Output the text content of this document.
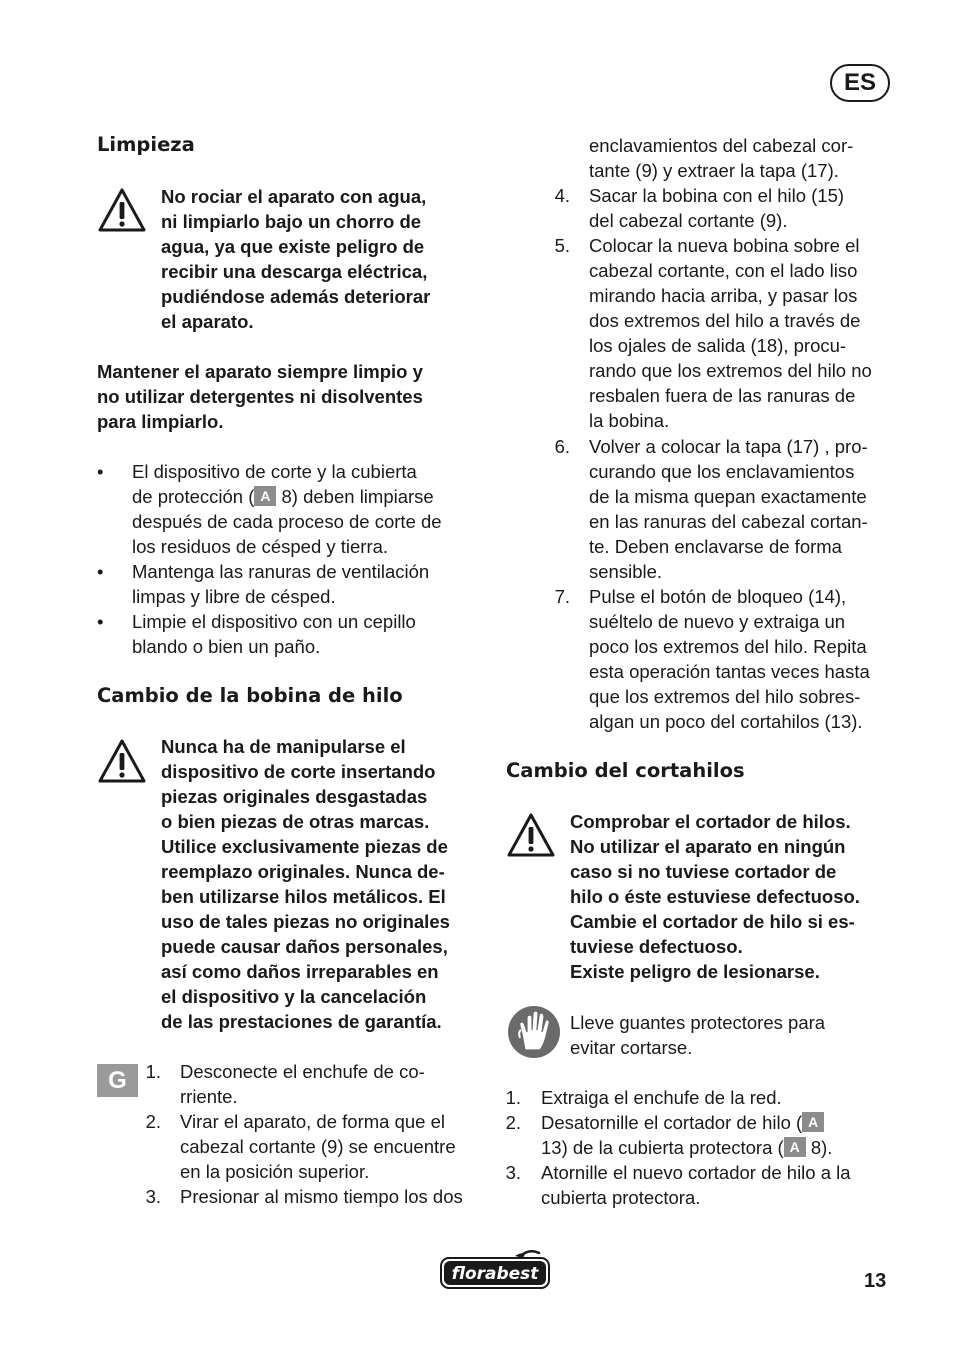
ES
Limpieza
No rociar el aparato con agua,
ni limpiarlo bajo un chorro de
agua, ya que existe peligro de
recibir una descarga eléctrica,
pudiéndose además deteriorar
el aparato.
Mantener el aparato siempre limpio y
no utilizar detergentes ni disolventes
para limpiarlo.
•	El dispositivo de corte y la cubierta
de protección ( A 8) deben limpiarse
después de cada proceso de corte de
los residuos de césped y tierra.
•	Mantenga las ranuras de ventilación
limpas y libre de césped.
•	Limpie el dispositivo con un cepillo
blando o bien un paño.
Cambio de la bobina de hilo
Nunca ha de manipularse el
dispositivo de corte insertando
piezas originales desgastadas
o bien piezas de otras marcas.
Utilice exclusivamente piezas de
reemplazo originales. Nunca de-
ben utilizarse hilos metálicos. El
uso de tales piezas no originales
puede causar daños personales,
así como daños irreparables en
el dispositivo y la cancelación
de las prestaciones de garantía.
G	1. Desconecte el enchufe de co-
rriente.
2. Virar el aparato, de forma que el
cabezal cortante (9) se encuentre
en la posición superior.
3. Presionar al mismo tiempo los dos
enclavamientos del cabezal cor-
tante (9) y extraer la tapa (17).
4. Sacar la bobina con el hilo (15)
del cabezal cortante (9).
5. Colocar la nueva bobina sobre el
cabezal cortante, con el lado liso
mirando hacia arriba, y pasar los
dos extremos del hilo a través de
los ojales de salida (18), procu-
rando que los extremos del hilo no
resbalen fuera de las ranuras de
la bobina.
6. Volver a colocar la tapa (17) , pro-
curando que los enclavamientos
de la misma quepan exactamente
en las ranuras del cabezal cortan-
te. Deben enclavarse de forma
sensible.
7. Pulse el botón de bloqueo (14),
suéltelo de nuevo y extraiga un
poco los extremos del hilo. Repita
esta operación tantas veces hasta
que los extremos del hilo sobres-
algan un poco del cortahilos (13).
Cambio del cortahilos
Comprobar el cortador de hilos.
No utilizar el aparato en ningún
caso si no tuviese cortador de
hilo o éste estuviese defectuoso.
Cambie el cortador de hilo si es-
tuviese defectuoso.
Existe peligro de lesionarse.
Lleve guantes protectores para
evitar cortarse.
1. Extraiga el enchufe de la red.
2. Desatornille el cortador de hilo ( A
13) de la cubierta protectora ( A 8).
3. Atornille el nuevo cortador de hilo a la
cubierta protectora.
florabest	13
